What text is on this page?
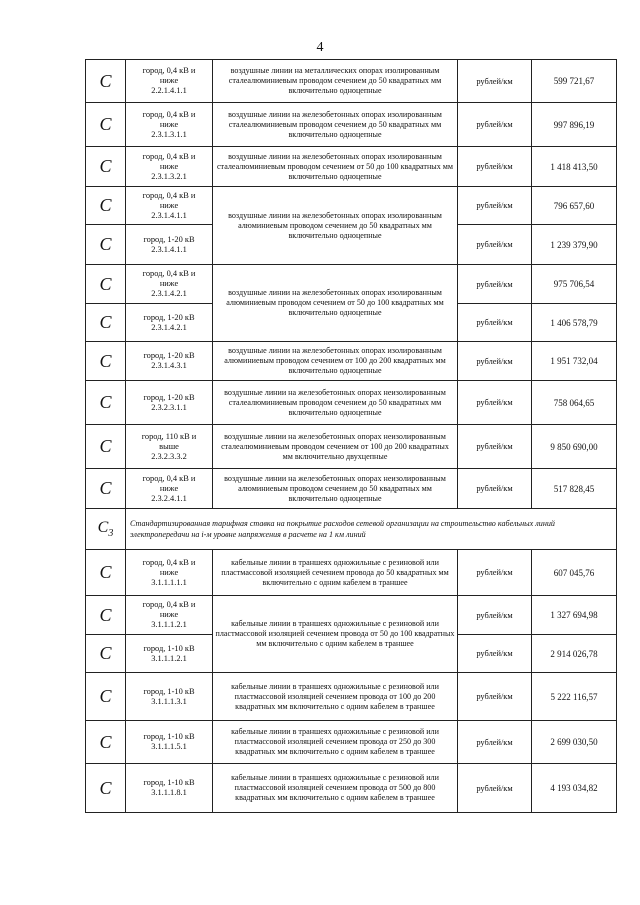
4
C	город, 0,4 кВ и
ниже
2.2.1.4.1.1	воздушные линии на металлических опорах изолированным сталеалюминиевым проводом сечением до 50 квадратных мм включительно одноцепные	рублей/км	599 721,67
C	город, 0,4 кВ и
ниже
2.3.1.3.1.1	воздушные линии на железобетонных опорах изолированным сталеалюминиевым проводом сечением до 50 квадратных мм включительно одноцепные	рублей/км	997 896,19
C	город, 0,4 кВ и
ниже
2.3.1.3.2.1	воздушные линии на железобетонных опорах изолированным сталеалюминиевым проводом сечением от 50 до 100 квадратных мм включительно одноцепные	рублей/км	1 418 413,50
C	город, 0,4 кВ и
ниже
2.3.1.4.1.1	воздушные линии на железобетонных опорах изолированным алюминиевым проводом сечением до 50 квадратных мм включительно одноцепные	рублей/км	796 657,60
C	город, 1-20 кВ
2.3.1.4.1.1		рублей/км	1 239 379,90
C	город, 0,4 кВ и
ниже
2.3.1.4.2.1	воздушные линии на железобетонных опорах изолированным алюминиевым проводом сечением от 50 до 100 квадратных мм включительно одноцепные	рублей/км	975 706,54
C	город, 1-20 кВ
2.3.1.4.2.1		рублей/км	1 406 578,79
C	город, 1-20 кВ
2.3.1.4.3.1	воздушные линии на железобетонных опорах изолированным алюминиевым проводом сечением от 100 до 200 квадратных мм включительно одноцепные	рублей/км	1 951 732,04
C	город, 1-20 кВ
2.3.2.3.1.1	воздушные линии на железобетонных опорах неизолированным сталеалюминиевым проводом сечением до 50 квадратных мм включительно одноцепные	рублей/км	758 064,65
C	город, 110 кВ и
выше
2.3.2.3.3.2	воздушные линии на железобетонных опорах неизолированным сталеалюминиевым проводом сечением от 100 до 200 квадратных мм включительно двухцепные	рублей/км	9 850 690,00
C	город, 0,4 кВ и
ниже
2.3.2.4.1.1	воздушные линии на железобетонных опорах неизолированным алюминиевым проводом сечением до 50 квадратных мм включительно одноцепные	рублей/км	517 828,45
$C_3$	Стандартизированная тарифная ставка на покрытие расходов сетевой организации на строительство кабельных линий электропередачи на i-м уровне напряжения в расчете на 1 км линий			
C	город, 0,4 кВ и
ниже
3.1.1.1.1.1	кабельные линии в траншеях одножильные с резиновой или пластмассовой изоляцией сечением провода до 50 квадратных мм включительно с одним кабелем в траншее	рублей/км	607 045,76
C	город, 0,4 кВ и
ниже
3.1.1.1.2.1	кабельные линии в траншеях одножильные с резиновой или пластмассовой изоляцией сечением провода от 50 до 100 квадратных мм включительно с одним кабелем в траншее	рублей/км	1 327 694,98
C	город, 1-10 кВ
3.1.1.1.2.1		рублей/км	2 914 026,78
C	город, 1-10 кВ
3.1.1.1.3.1	кабельные линии в траншеях одножильные с резиновой или пластмассовой изоляцией сечением провода от 100 до 200 квадратных мм включительно с одним кабелем в траншее	рублей/км	5 222 116,57
C	город, 1-10 кВ
3.1.1.1.5.1	кабельные линии в траншеях одножильные с резиновой или пластмассовой изоляцией сечением провода от 250 до 300 квадратных мм включительно с одним кабелем в траншее	рублей/км	2 699 030,50
C	город, 1-10 кВ
3.1.1.1.8.1	кабельные линии в траншеях одножильные с резиновой или пластмассовой изоляцией сечением провода от 500 до 800 квадратных мм включительно с одним кабелем в траншее	рублей/км	4 193 034,82
